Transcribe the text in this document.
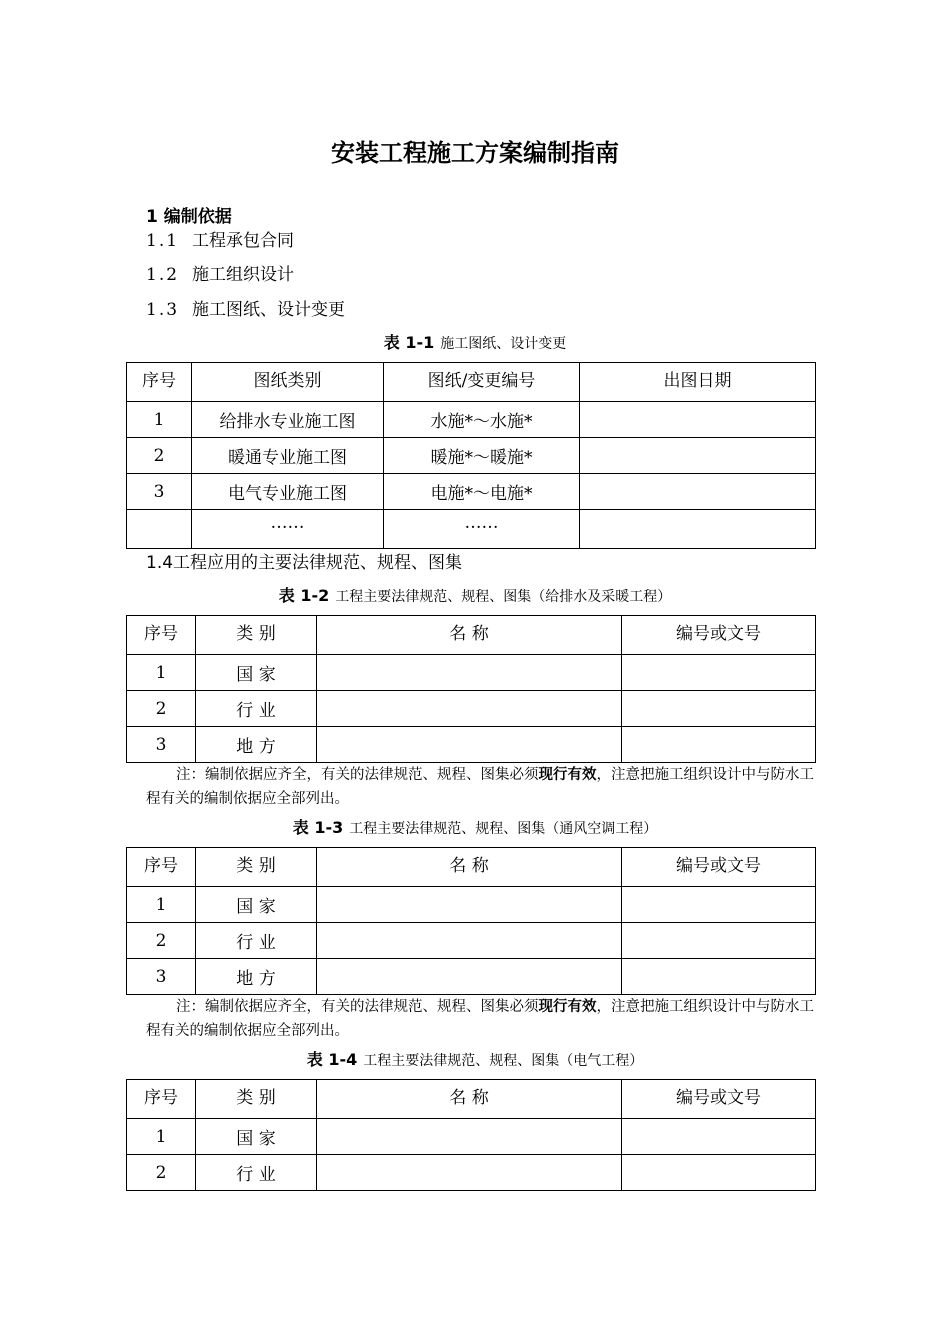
安装工程施工方案编制指南
1 编制依据
1.1 工程承包合同
1.2 施工组织设计
1.3 施工图纸、设计变更
表 1-1 施工图纸、设计变更
序号	图纸类别	图纸/变更编号	出图日期
1	给排水专业施工图	水施*～水施*	
2	暖通专业施工图	暖施*～暖施*	
3	电气专业施工图	电施*～电施*	
	……	……	
1.4工程应用的主要法律规范、规程、图集
表 1-2 工程主要法律规范、规程、图集（给排水及采暖工程）
序号	类 别	名 称	编号或文号
1	国 家		
2	行 业		
3	地 方		
注：编制依据应齐全，有关的法律规范、规程、图集必须现行有效，注意把施工组织设计中与防水工程有关的编制依据应全部列出。
表 1-3 工程主要法律规范、规程、图集（通风空调工程）
序号	类 别	名 称	编号或文号
1	国 家		
2	行 业		
3	地 方		
注：编制依据应齐全，有关的法律规范、规程、图集必须现行有效，注意把施工组织设计中与防水工程有关的编制依据应全部列出。
表 1-4 工程主要法律规范、规程、图集（电气工程）
序号	类 别	名 称	编号或文号
1	国 家		
2	行 业		
